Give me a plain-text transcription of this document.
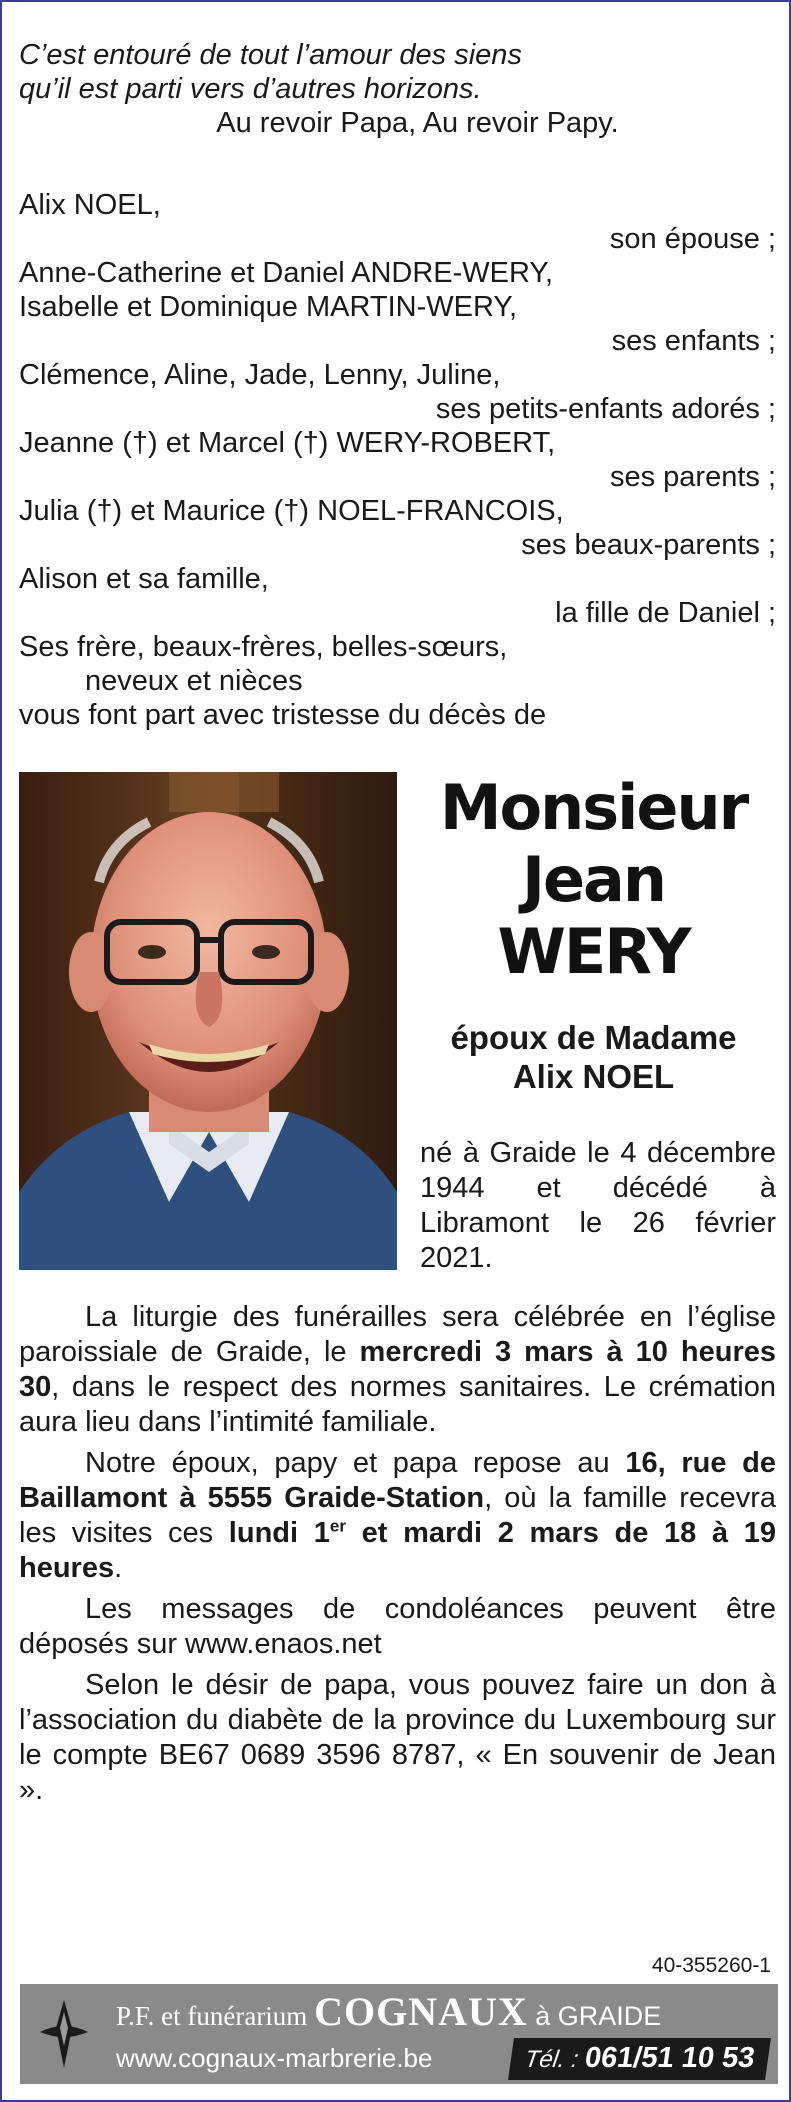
C’est entouré de tout l’amour des siens
qu’il est parti vers d’autres horizons.
Au revoir Papa, Au revoir Papy.
Alix NOEL,
son épouse ;
Anne-Catherine et Daniel ANDRE-WERY,
Isabelle et Dominique MARTIN-WERY,
ses enfants ;
Clémence, Aline, Jade, Lenny, Juline,
ses petits-enfants adorés ;
Jeanne (†) et Marcel (†) WERY-ROBERT,
ses parents ;
Julia (†) et Maurice (†) NOEL-FRANCOIS,
ses beaux-parents ;
Alison et sa famille,
la fille de Daniel ;
Ses frère, beaux-frères, belles-sœurs,
neveux et nièces
vous font part avec tristesse du décès de
Monsieur
Jean
WERY
époux de Madame
Alix NOEL
né à Graide le 4 décembre 1944 et décédé à Libramont le 26 février 2021.
La liturgie des funérailles sera célébrée en l’église paroissiale de Graide, le mercredi 3 mars à 10 heures 30, dans le respect des normes sanitaires. Le crémation aura lieu dans l’intimité familiale.
Notre époux, papy et papa repose au 16, rue de Baillamont à 5555 Graide-Station, où la famille recevra les visites ces lundi 1er et mardi 2 mars de 18 à 19 heures.
Les messages de condoléances peuvent être déposés sur www.enaos.net
Selon le désir de papa, vous pouvez faire un don à l’association du diabète de la province du Luxembourg sur le compte BE67 0689 3596 8787, « En souvenir de Jean ».
40-355260-1
P.F. et funérarium COGNAUX à GRAIDE
www.cognaux-marbrerie.be	Tél. : 061/51 10 53
